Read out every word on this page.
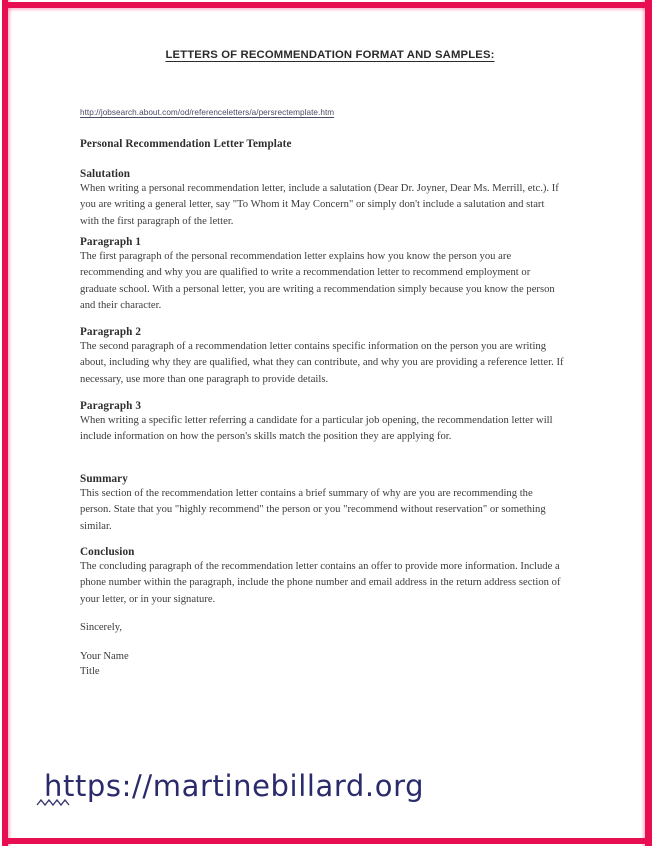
LETTERS OF RECOMMENDATION FORMAT AND SAMPLES:
http://jobsearch.about.com/od/referenceletters/a/persrectemplate.htm
Personal Recommendation Letter Template
Salutation

When writing a personal recommendation letter, include a salutation (Dear Dr. Joyner, Dear Ms. Merrill, etc.). If you are writing a general letter, say "To Whom it May Concern" or simply don't include a salutation and start with the first paragraph of the letter.

Paragraph 1

The first paragraph of the personal recommendation letter explains how you know the person you are recommending and why you are qualified to write a recommendation letter to recommend employment or graduate school. With a personal letter, you are writing a recommendation simply because you know the person and their character.

Paragraph 2

The second paragraph of a recommendation letter contains specific information on the person you are writing about, including why they are qualified, what they can contribute, and why you are providing a reference letter. If necessary, use more than one paragraph to provide details.

Paragraph 3

When writing a specific letter referring a candidate for a particular job opening, the recommendation letter will include information on how the person's skills match the position they are applying for.

Summary

This section of the recommendation letter contains a brief summary of why are you are recommending the person. State that you "highly recommend" the person or you "recommend without reservation" or something similar.

Conclusion

The concluding paragraph of the recommendation letter contains an offer to provide more information. Include a phone number within the paragraph, include the phone number and email address in the return address section of your letter, or in your signature.

Sincerely,
Your Name
Title
https://martinebillard.org
